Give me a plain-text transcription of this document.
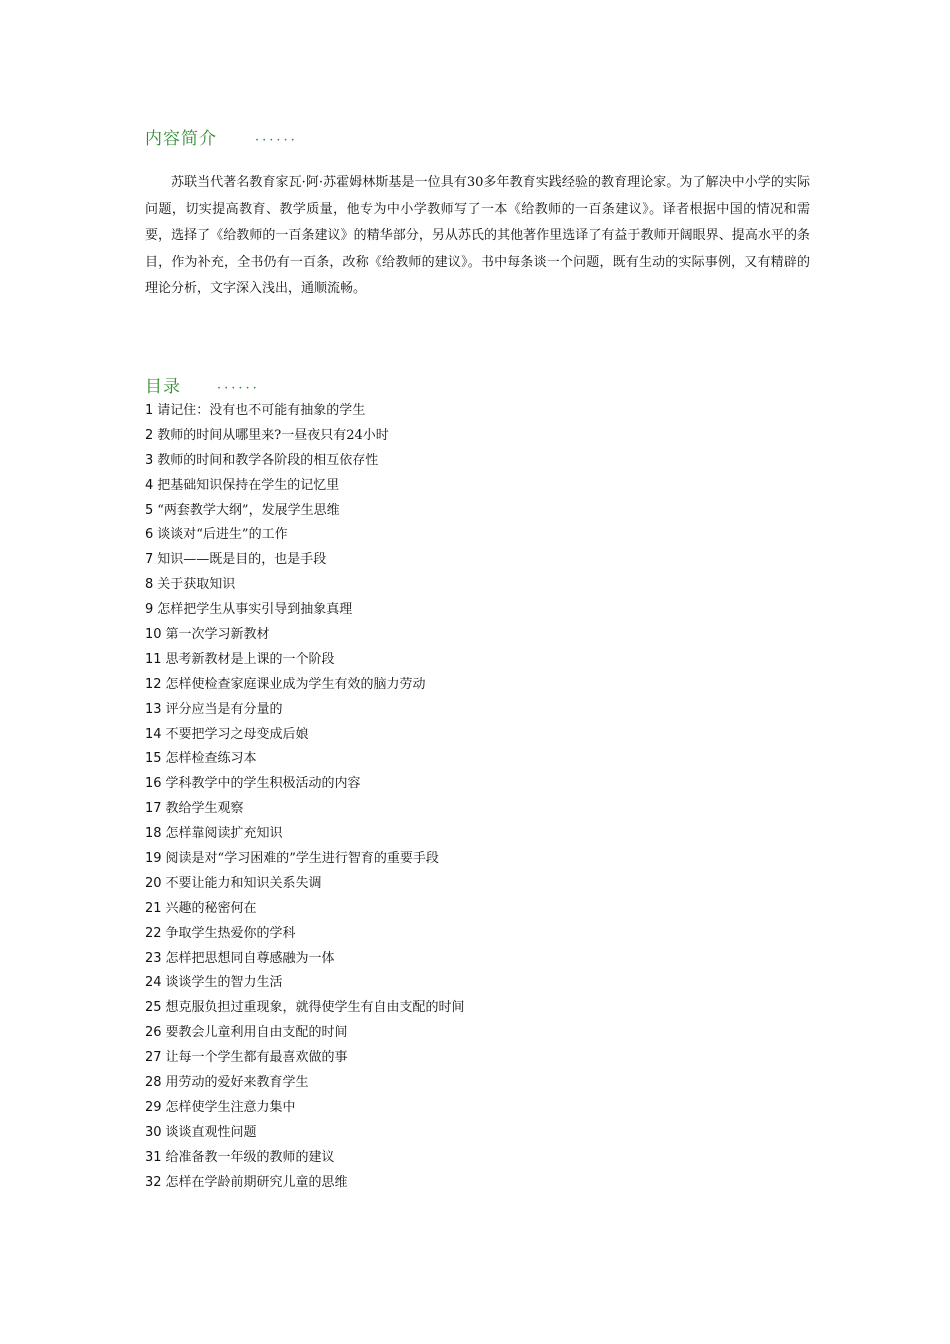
内容简介	······

苏联当代著名教育家瓦·阿·苏霍姆林斯基是一位具有30多年教育实践经验的教育理论家。为了解决中小学的实际问题，切实提高教育、教学质量，他专为中小学教师写了一本《给教师的一百条建议》。译者根据中国的情况和需要，选择了《给教师的一百条建议》的精华部分，另从苏氏的其他著作里选译了有益于教师开阔眼界、提高水平的条目，作为补充，全书仍有一百条，改称《给教师的建议》。书中每条谈一个问题，既有生动的实际事例，又有精辟的理论分析，文字深入浅出，通顺流畅。

目录	······
1 请记住：没有也不可能有抽象的学生
2 教师的时间从哪里来?一昼夜只有24小时
3 教师的时间和教学各阶段的相互依存性
4 把基础知识保持在学生的记忆里
5 “两套教学大纲”，发展学生思维
6 谈谈对“后进生”的工作
7 知识——既是目的，也是手段
8 关于获取知识
9 怎样把学生从事实引导到抽象真理
10 第一次学习新教材
11 思考新教材是上课的一个阶段
12 怎样使检查家庭课业成为学生有效的脑力劳动
13 评分应当是有分量的
14 不要把学习之母变成后娘
15 怎样检查练习本
16 学科教学中的学生积极活动的内容
17 教给学生观察
18 怎样靠阅读扩充知识
19 阅读是对“学习困难的”学生进行智育的重要手段
20 不要让能力和知识关系失调
21 兴趣的秘密何在
22 争取学生热爱你的学科
23 怎样把思想同自尊感融为一体
24 谈谈学生的智力生活
25 想克服负担过重现象，就得使学生有自由支配的时间
26 要教会儿童利用自由支配的时间
27 让每一个学生都有最喜欢做的事
28 用劳动的爱好来教育学生
29 怎样使学生注意力集中
30 谈谈直观性问题
31 给准备教一年级的教师的建议
32 怎样在学龄前期研究儿童的思维
